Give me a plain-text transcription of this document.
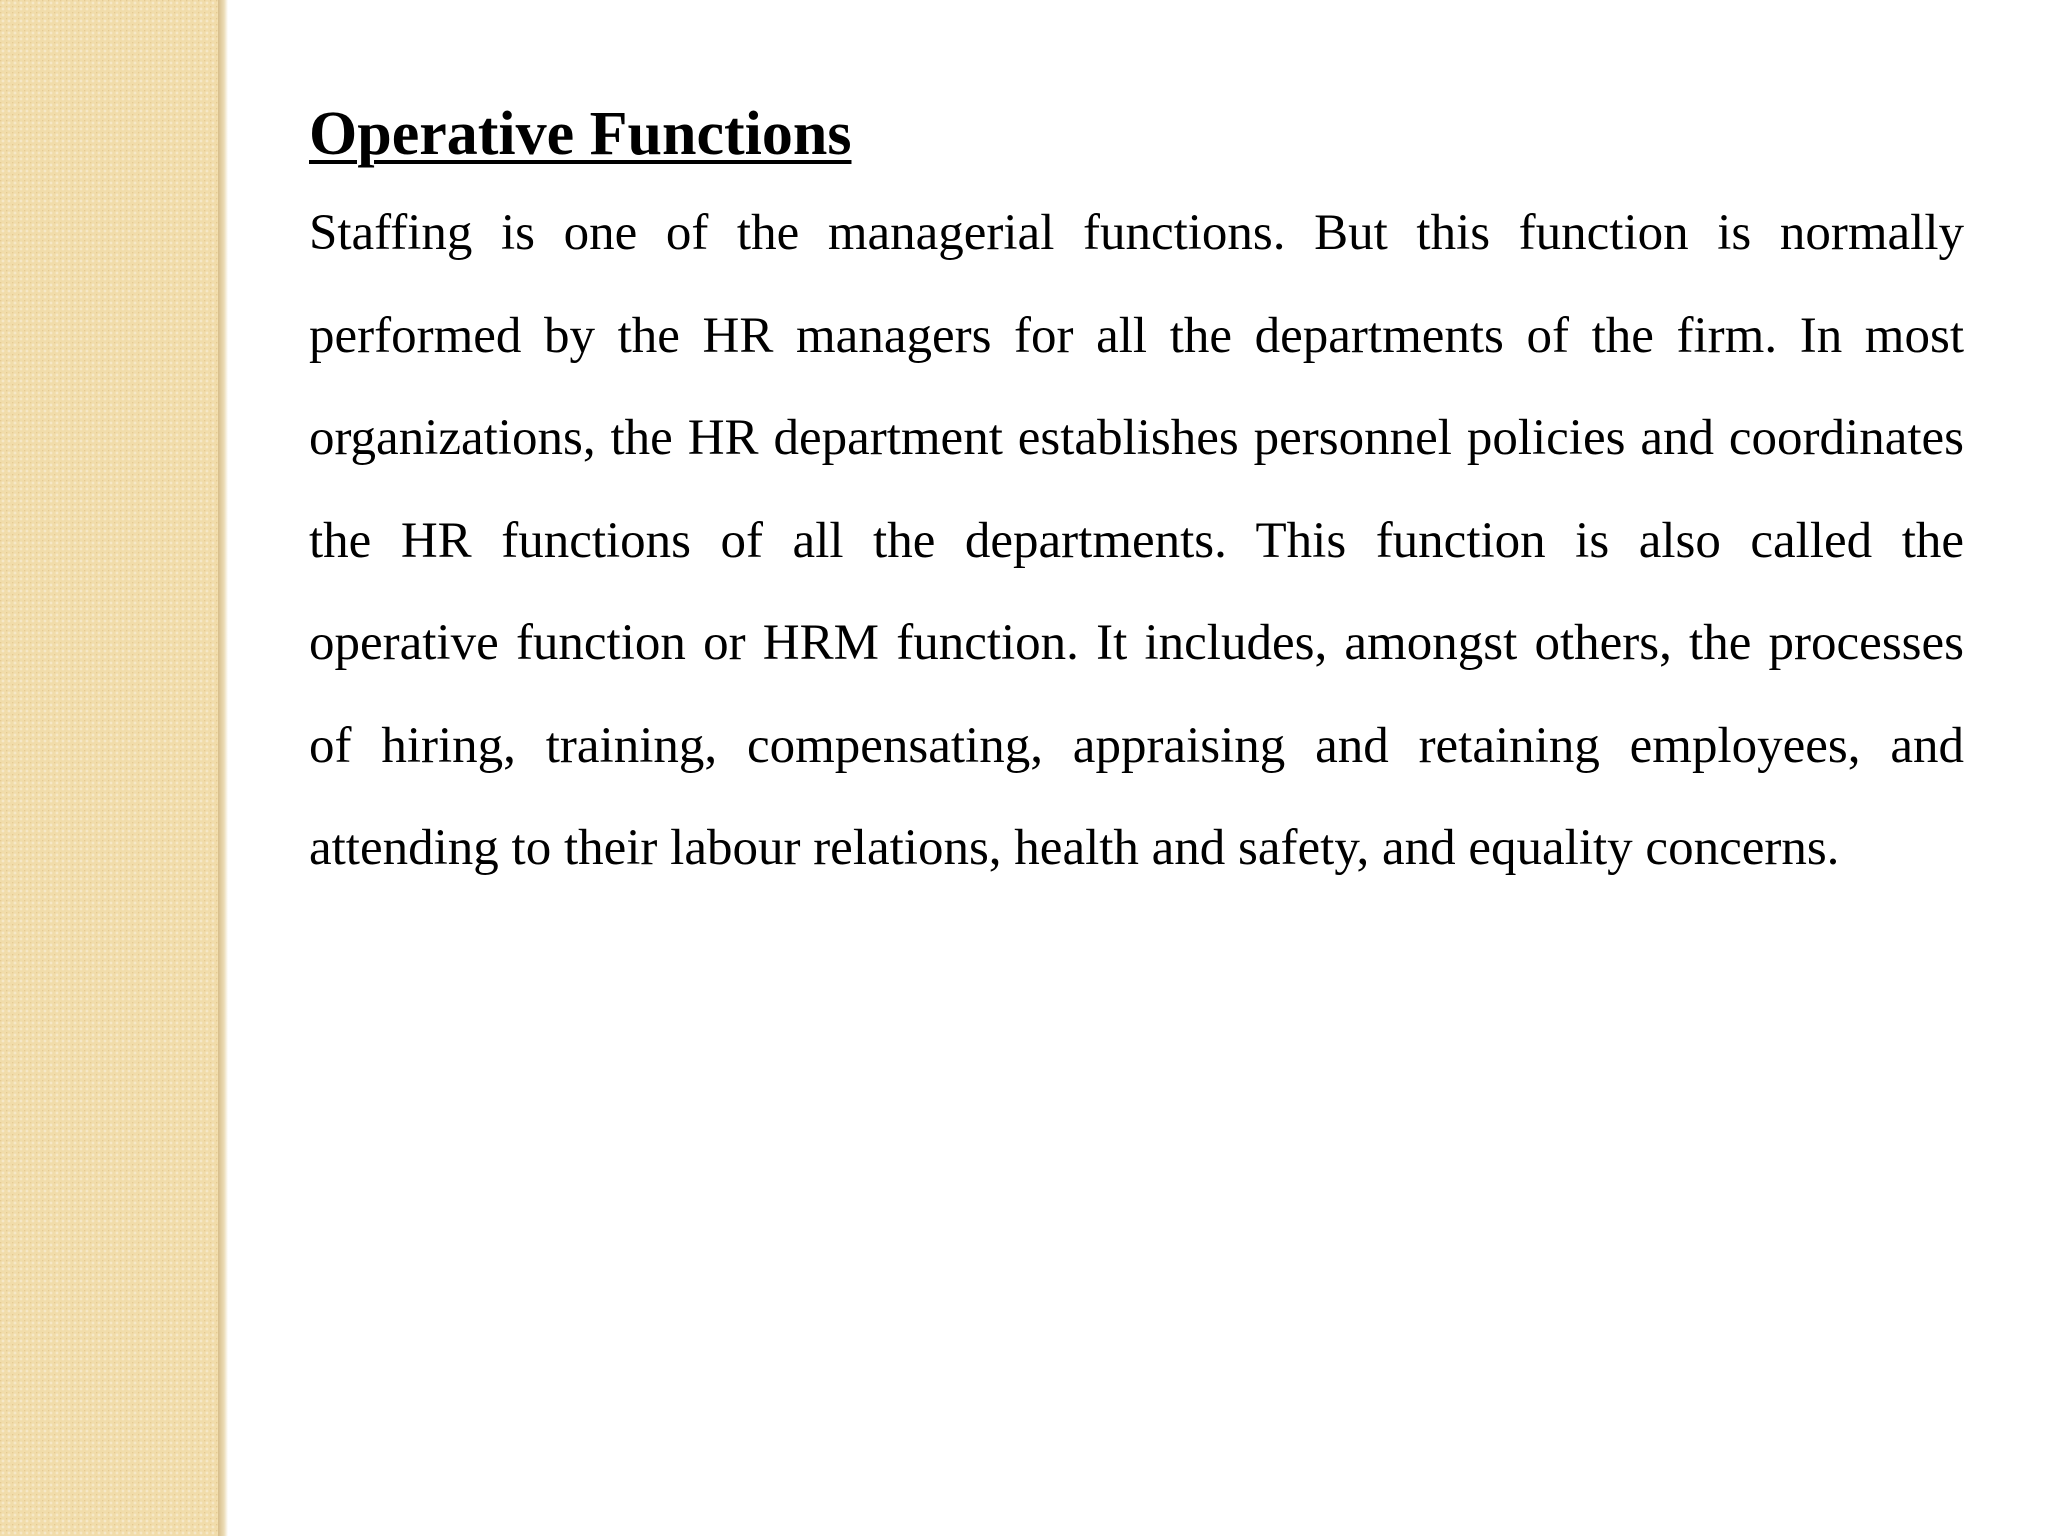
Operative Functions

Staffing is one of the managerial functions. But this function is normally performed by the HR managers for all the departments of the firm. In most organizations, the HR department establishes personnel policies and coordinates the HR functions of all the departments. This function is also called the operative function or HRM function. It includes, amongst others, the processes of hiring, training, compensating, appraising and retaining employees, and attending to their labour relations, health and safety, and equality concerns.
